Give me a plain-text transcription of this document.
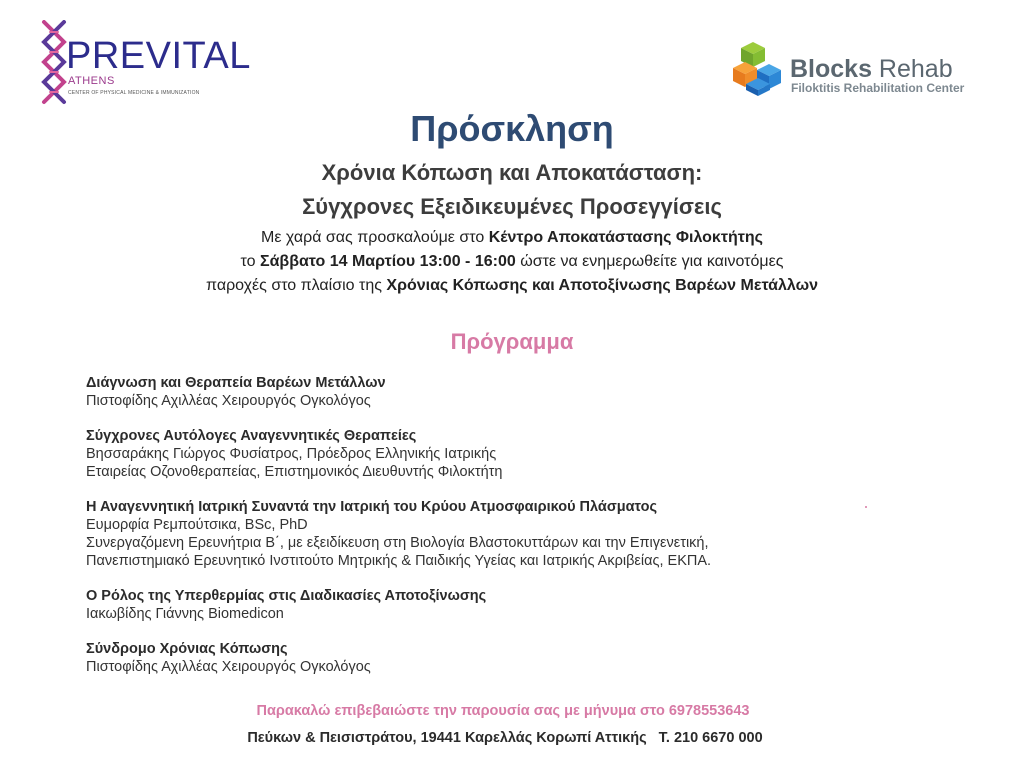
PREVITAL
ATHENS
CENTER OF PHYSICAL MEDICINE & IMMUNIZATION
Blocks Rehab
Filoktitis Rehabilitation Center
Πρόσκληση
Χρόνια Κόπωση και Αποκατάσταση:
Σύγχρονες Εξειδικευμένες Προσεγγίσεις
Με χαρά σας προσκαλούμε στο Κέντρο Αποκατάστασης Φιλοκτήτης
το Σάββατο 14 Μαρτίου 13:00 - 16:00 ώστε να ενημερωθείτε για καινοτόμες
παροχές στο πλαίσιο της Χρόνιας Κόπωσης και Αποτοξίνωσης Βαρέων Μετάλλων
Πρόγραμμα
Διάγνωση και Θεραπεία Βαρέων Μετάλλων
Πιστοφίδης Αχιλλέας Χειρουργός Ογκολόγος
Σύγχρονες Αυτόλογες Αναγεννητικές Θεραπείες
Βησσαράκης Γιώργος Φυσίατρος, Πρόεδρος Ελληνικής Ιατρικής
Εταιρείας Οζονοθεραπείας, Επιστημονικός Διευθυντής Φιλοκτήτη
Η Αναγεννητική Ιατρική Συναντά την Ιατρική του Κρύου Ατμοσφαιρικού Πλάσματος
Ευμορφία Ρεμπούτσικα, BSc, PhD
Συνεργαζόμενη Ερευνήτρια Β΄, με εξειδίκευση στη Βιολογία Βλαστοκυττάρων και την Επιγενετική,
Πανεπιστημιακό Ερευνητικό Ινστιτούτο Μητρικής & Παιδικής Υγείας και Ιατρικής Ακριβείας, ΕΚΠΑ.
Ο Ρόλος της Υπερθερμίας στις Διαδικασίες Αποτοξίνωσης
Ιακωβίδης Γιάννης Biomedicon
Σύνδρομο Χρόνιας Κόπωσης
Πιστοφίδης Αχιλλέας Χειρουργός Ογκολόγος
Παρακαλώ επιβεβαιώστε την παρουσία σας με μήνυμα στο 6978553643
Πεύκων & Πεισιστράτου, 19441 Καρελλάς Κορωπί Αττικής Τ. 210 6670 000
